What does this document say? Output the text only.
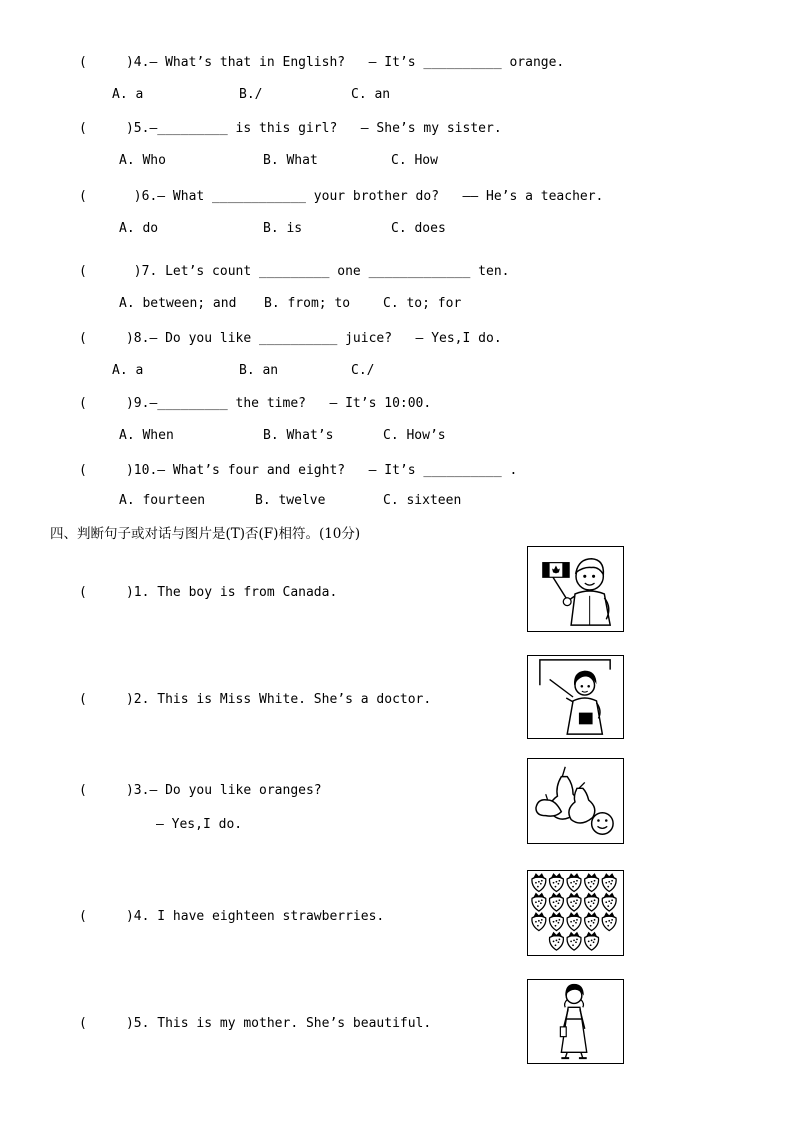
(     )4.— What’s that in English?   — It’s __________ orange.
A. a	B./	C. an
(     )5.—_________ is this girl?   — She’s my sister.
A. Who	B. What	C. How
(      )6.— What ____________ your brother do?   —— He’s a teacher.
A. do	B. is	C. does
(      )7. Let’s count _________ one _____________ ten.
A. between; and B. from; to	C. to; for
(     )8.— Do you like __________ juice?   — Yes,I do.
A. a	B. an	C./
(     )9.—_________ the time?   — It’s 10:00.
A. When	B. What’s	C. How’s
(     )10.— What’s four and eight?   — It’s __________ .
A. fourteen	B. twelve	C. sixteen
四、判断句子或对话与图片是(T)否(F)相符。(10分)
(     )1. The boy is from Canada.
(     )2. This is Miss White. She’s a doctor.
(     )3.— Do you like oranges?
— Yes,I do.
(     )4. I have eighteen strawberries.
(     )5. This is my mother. She’s beautiful.
